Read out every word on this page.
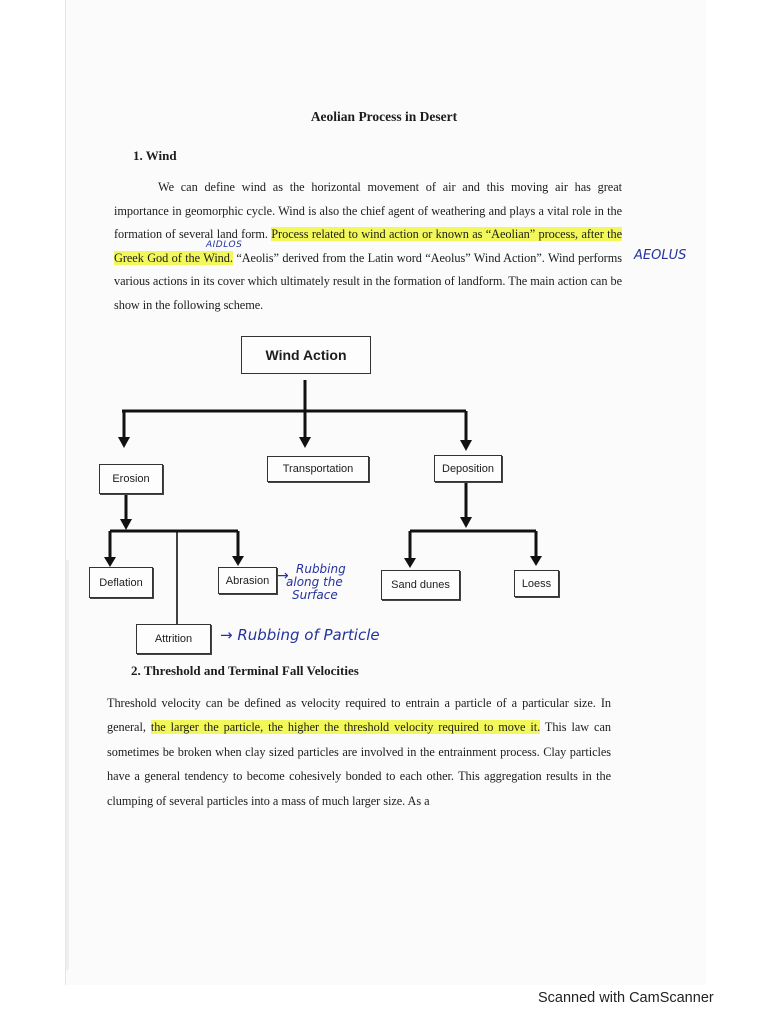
Aeolian Process in Desert
1. Wind

We can define wind as the horizontal movement of air and this moving air has great importance in geomorphic cycle. Wind is also the chief agent of weathering and plays a vital role in the formation of several land form. Process related to wind action or known as “Aeolian” process, after the Greek God of the Wind. “Aeolis” derived from the Latin word “Aeolus” Wind Action”. Wind performs various actions in its cover which ultimately result in the formation of landform. The main action can be show in the following scheme.

AIDLOS
AEOLUS
Wind Action
Erosion
Transportation	Deposition
Deflation	Abrasion
Attrition
Sand dunes	Loess
→ Rubbing
along the
Surface
→ Rubbing of Particle
2. Threshold and Terminal Fall Velocities

Threshold velocity can be defined as velocity required to entrain a particle of a particular size. In general, the larger the particle, the higher the threshold velocity required to move it. This law can sometimes be broken when clay sized particles are involved in the entrainment process. Clay particles have a general tendency to become cohesively bonded to each other. This aggregation results in the clumping of several particles into a mass of much larger size. As a

Scanned with CamScanner
